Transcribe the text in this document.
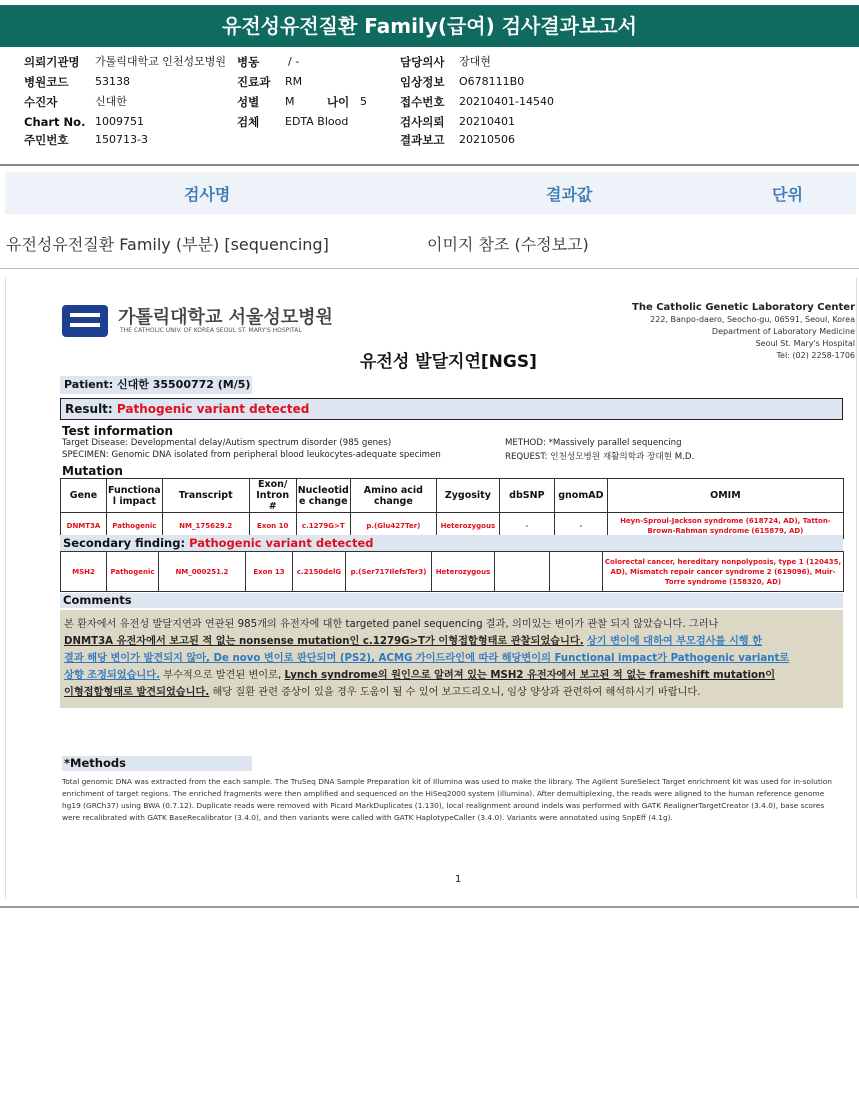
유전성유전질환 Family(급여) 검사결과보고서
의뢰기관명 가톨릭대학교 인천성모병원 병동	/ -	담당의사 장대현
병원코드 53138	진료과 RM	임상정보 O678111B0
수진자	신대한	성별 M	나이 5	접수번호 20210401-14540
Chart No. 1009751	검체 EDTA Blood	검사의뢰 20210401
주민번호 150713-3	결과보고 20210506
검사명	결과값	단위
유전성유전질환 Family (부분) [sequencing]	이미지 참조 (수정보고)
가톨릭대학교 서울성모병원
THE CATHOLIC UNIV. OF KOREA SEOUL ST. MARY'S HOSPITAL
The Catholic Genetic Laboratory Center
222, Banpo-daero, Seocho-gu, 06591, Seoul, Korea
Department of Laboratory Medicine
Seoul St. Mary's Hospital
Tel: (02) 2258-1706
유전성 발달지연[NGS]
Patient: 신대한 35500772 (M/5)
Result: Pathogenic variant detected
Test information
Target Disease: Developmental delay/Autism spectrum disorder (985 genes)
SPECIMEN: Genomic DNA isolated from peripheral blood leukocytes-adequate specimen
METHOD: *Massively parallel sequencing
REQUEST: 인천성모병원 재활의학과 장대현 M.D.
Mutation
Gene	Functiona l impact	Transcript	Exon/ Intron #	Nucleotid e change	Amino acid change	Zygosity	dbSNP	gnomAD	OMIM
DNMT3A	Pathogenic	NM_175629.2	Exon 10	c.1279G>T	p.(Glu427Ter)	Heterozygous	-	-	Heyn-Sproul-Jackson syndrome (618724, AD), Tatton-Brown-Rahman syndrome (615879, AD)
Secondary finding: Pathogenic variant detected
MSH2	Pathogenic	NM_000251.2	Exon 13	c.2150delG	p.(Ser717IlefsTer3)	Heterozygous			Colorectal cancer, hereditary nonpolyposis, type 1 (120435, AD), Mismatch repair cancer syndrome 2 (619096), Muir-Torre syndrome (158320, AD)
Comments
본 환자에서 유전성 발달지연과 연관된 985개의 유전자에 대한 targeted panel sequencing 결과, 의미있는 변이가 관찰 되지 않았습니다. 그러나
DNMT3A 유전자에서 보고된 적 없는 nonsense mutation인 c.1279G>T가 이형접합형태로 관찰되었습니다. 상기 변이에 대하여 부모검사를 시행 한
결과 해당 변이가 발견되지 않아, De novo 변이로 판단되며 (PS2), ACMG 가이드라인에 따라 해당변이의 Functional impact가 Pathogenic variant로
상향 조정되었습니다. 부수적으로 발견된 변이로, Lynch syndrome의 원인으로 알려져 있는 MSH2 유전자에서 보고된 적 없는 frameshift mutation이
이형접합형태로 발견되었습니다. 해당 질환 관련 증상이 있을 경우 도움이 될 수 있어 보고드리오니, 임상 양상과 관련하여 해석하시기 바랍니다.
*Methods
Total genomic DNA was extracted from the each sample. The TruSeq DNA Sample Preparation kit of Illumina was used to make the library. The Agilent SureSelect Target enrichment kit was used for in-solution enrichment of target regions. The enriched fragments were then amplified and sequenced on the HiSeq2000 system (illumina). After demultiplexing, the reads were aligned to the human reference genome hg19 (GRCh37) using BWA (0.7.12). Duplicate reads were removed with Picard MarkDuplicates (1.130), local realignment around indels was performed with GATK RealignerTargetCreator (3.4.0), base scores were recalibrated with GATK BaseRecalibrator (3.4.0), and then variants were called with GATK HaplotypeCaller (3.4.0). Variants were annotated using SnpEff (4.1g).
1
